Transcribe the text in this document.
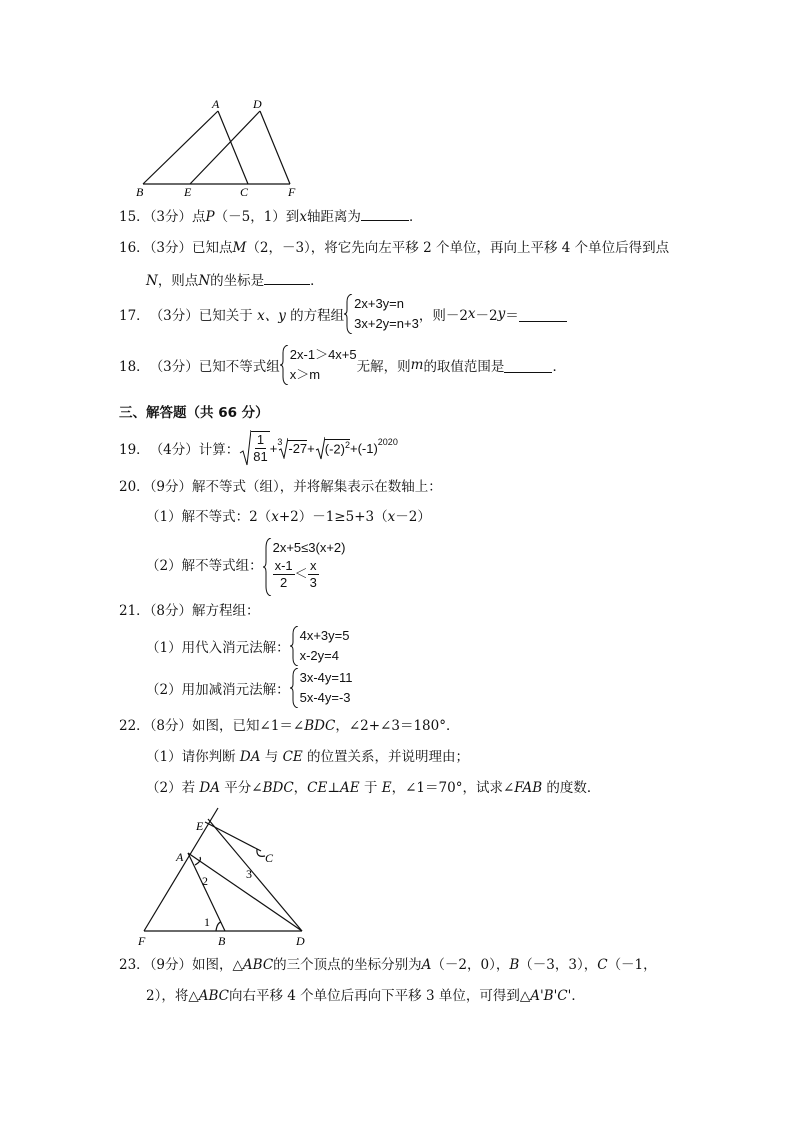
A	D
B	E	C	F
15．（3分）点P（－5，1）到x轴距离为	．
16．（3分）已知点M（2，－3），将它先向左平移 2 个单位，再向上平移 4 个单位后得到点
N，则点N的坐标是	．
17． （3分） 已知关于
x、y
的方程组
2x+3y=n
3x+2y=n+3 ，则－2 x －2 y ＝
18． （3分） 已知不等式组
2x-1＞4x+5
x＞m	无解，则 m 的取值范围是	．
三、解答题（共 66 分）
19． （4分） 计算： $\frac{1}{81} +^3$ $-27 + (-2)^2 +(-1)^{2020}$
20．（9分）解不等式（组），并将解集表示在数轴上：
（1）解不等式：2（x+2）－1≥5+3（x－2）
（2）解不等式组：
2x+5≤3(x+2)
$\frac{x-1}{2} < \frac{x}{3}$
21．（8分）解方程组：
（1）用代入消元法解：
4x+3y=5
x-2y=4
（2）用加减消元法解：
3x-4y=11
5x-4y=-3
22．（8分）如图，已知∠1＝∠BDC，∠2+∠3＝180°．
（1）请你判断 DA 与 CE 的位置关系，并说明理由；
（2）若 DA 平分∠BDC，CE⊥AE 于 E，∠1＝70°，试求∠FAB 的度数．
E
A	C
2	3
1
F	B	D
23．（9分）如图，△ABC的三个顶点的坐标分别为A（－2，0），B（－3，3），C（－1，
2），将△ABC向右平移 4 个单位后再向下平移 3 单位，可得到△A'B'C'．
